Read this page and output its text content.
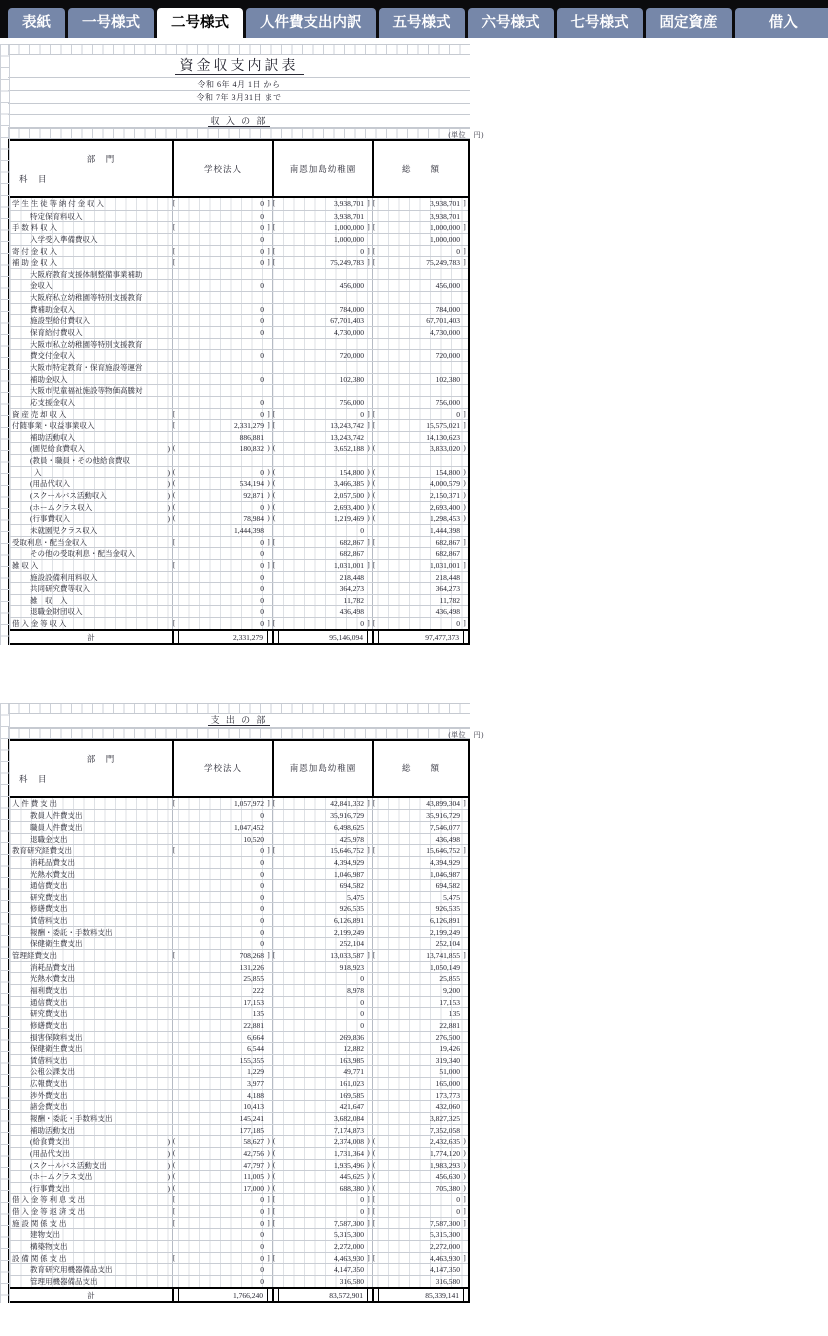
表紙	一号様式	二号様式	人件費支出内訳	五号様式	六号様式	七号様式	固定資産	借入
資金収支内訳表
令和 6年 4月 1日 から
令和 7年 3月31日 まで
収 入 の 部
(単位　円)
部　門
科　目
学校法人	南恩加島幼稚園	総　　額
学 生 生 徒 等 納 付 金 収 入	[	0 ] [	3,938,701 ] [	3,938,701 ]
特定保育料収入	0	3,938,701	3,938,701
手 数 料 収 入	[	0 ] [	1,000,000 ] [	1,000,000 ]
入学受入準備費収入	0	1,000,000	1,000,000
寄 付 金 収 入	[	0 ] [	0 ] [	0 ]
補 助 金 収 入	[	0 ] [	75,249,783 ] [	75,249,783 ]
大阪府教育支援体制整備事業補助
金収入	0	456,000	456,000
大阪府私立幼稚園等特別支援教育
費補助金収入	0	784,000	784,000
施設型給付費収入	0	67,701,403	67,701,403
保育給付費収入	0	4,730,000	4,730,000
大阪市私立幼稚園等特別支援教育
費交付金収入	0	720,000	720,000
大阪市特定教育・保育施設等運営
補助金収入	0	102,380	102,380
大阪市児童福祉施設等物価高騰対
応支援金収入	0	756,000	756,000
資 産 売 却 収 入	[	0 ] [	0 ] [	0 ]
付随事業・収益事業収入	[	2,331,279 ] [	13,243,742 ] [	15,575,021 ]
補助活動収入	886,881	13,243,742	14,130,623
(園児給食費収入	) (	180,832 ) (	3,652,188 ) (	3,833,020 )
(教員・職員・その他給食費収
入	) (	0 ) (	154,800 ) (	154,800 )
(用品代収入	) (	534,194 ) (	3,466,385 ) (	4,000,579 )
(スクールバス活動収入	) (	92,871 ) (	2,057,500 ) (	2,150,371 )
(ホームクラス収入	) (	0 ) (	2,693,400 ) (	2,693,400 )
(行事費収入	) (	78,984 ) (	1,219,469 ) (	1,298,453 )
未就園児クラス収入	1,444,398	0	1,444,398
受取利息・配当金収入	[	0 ] [	682,867 ] [	682,867 ]
その他の受取利息・配当金収入	0	682,867	682,867
雑 収 入	[	0 ] [	1,031,001 ] [	1,031,001 ]
施設設備利用料収入	0	218,448	218,448
共同研究費等収入	0	364,273	364,273
雑　収　入	0	11,782	11,782
退職金財団収入	0	436,498	436,498
借 入 金 等 収 入	[	0 ] [	0 ] [	0 ]
計	2,331,279	95,146,094	97,477,373
支 出 の 部
(単位　円)
部　門
科　目
学校法人	南恩加島幼稚園	総　　額
人 件 費 支 出	[	1,057,972 ] [	42,841,332 ] [	43,899,304 ]
教員人件費支出	0	35,916,729	35,916,729
職員人件費支出	1,047,452	6,498,625	7,546,077
退職金支出	10,520	425,978	436,498
教育研究経費支出	[	0 ] [	15,646,752 ] [	15,646,752 ]
消耗品費支出	0	4,394,929	4,394,929
光熱水費支出	0	1,046,987	1,046,987
通信費支出	0	694,582	694,582
研究費支出	0	5,475	5,475
修繕費支出	0	926,535	926,535
賃借料支出	0	6,126,891	6,126,891
報酬・委託・手数料支出	0	2,199,249	2,199,249
保健衛生費支出	0	252,104	252,104
管理経費支出	[	708,268 ] [	13,033,587 ] [	13,741,855 ]
消耗品費支出	131,226	918,923	1,050,149
光熱水費支出	25,855	0	25,855
福利費支出	222	8,978	9,200
通信費支出	17,153	0	17,153
研究費支出	135	0	135
修繕費支出	22,881	0	22,881
損害保険料支出	6,664	269,836	276,500
保健衛生費支出	6,544	12,882	19,426
賃借料支出	155,355	163,985	319,340
公租公課支出	1,229	49,771	51,000
広報費支出	3,977	161,023	165,000
渉外費支出	4,188	169,585	173,773
諸会費支出	10,413	421,647	432,060
報酬・委託・手数料支出	145,241	3,682,084	3,827,325
補助活動支出	177,185	7,174,873	7,352,058
(給食費支出	) (	58,627 ) (	2,374,008 ) (	2,432,635 )
(用品代支出	) (	42,756 ) (	1,731,364 ) (	1,774,120 )
(スクールバス活動支出	) (	47,797 ) (	1,935,496 ) (	1,983,293 )
(ホームクラス支出	) (	11,005 ) (	445,625 ) (	456,630 )
(行事費支出	) (	17,000 ) (	688,380 ) (	705,380 )
借 入 金 等 利 息 支 出	[	0 ] [	0 ] [	0 ]
借 入 金 等 返 済 支 出	[	0 ] [	0 ] [	0 ]
施 設 関 係 支 出	[	0 ] [	7,587,300 ] [	7,587,300 ]
建物支出	0	5,315,300	5,315,300
構築物支出	0	2,272,000	2,272,000
設 備 関 係 支 出	[	0 ] [	4,463,930 ] [	4,463,930 ]
教育研究用機器備品支出	0	4,147,350	4,147,350
管理用機器備品支出	0	316,580	316,580
計	1,766,240	83,572,901	85,339,141
